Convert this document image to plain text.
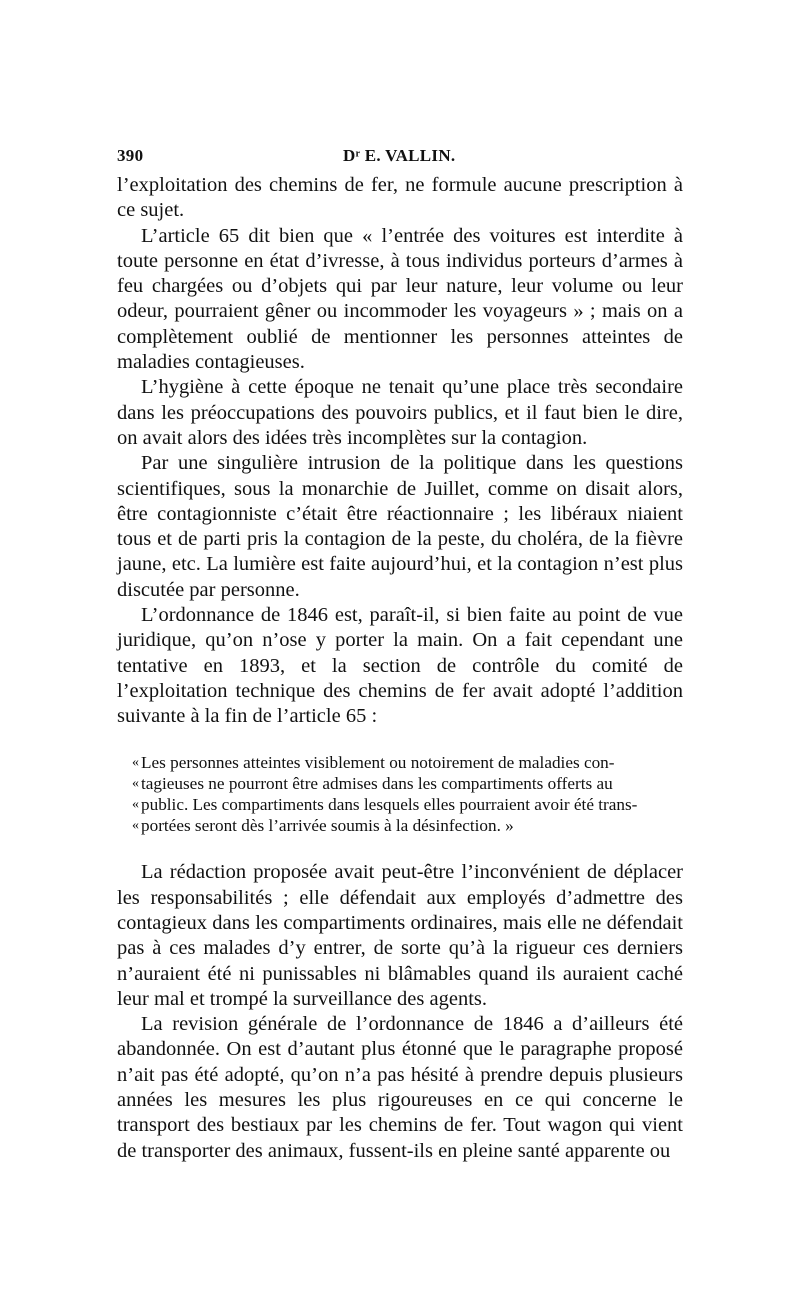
390	Dʳ E. VALLIN.

l’exploitation des chemins de fer, ne formule aucune prescription à ce sujet.

L’article 65 dit bien que « l’entrée des voitures est interdite à toute personne en état d’ivresse, à tous individus porteurs d’armes à feu chargées ou d’objets qui par leur nature, leur volume ou leur odeur, pourraient gêner ou incommoder les voyageurs » ; mais on a complètement oublié de mentionner les personnes atteintes de maladies contagieuses.

L’hygiène à cette époque ne tenait qu’une place très secondaire dans les préoccupations des pouvoirs publics, et il faut bien le dire, on avait alors des idées très incomplètes sur la contagion.

Par une singulière intrusion de la politique dans les questions scientifiques, sous la monarchie de Juillet, comme on disait alors, être contagionniste c’était être réactionnaire ; les libéraux niaient tous et de parti pris la contagion de la peste, du choléra, de la fièvre jaune, etc. La lumière est faite aujourd’hui, et la contagion n’est plus discutée par personne.

L’ordonnance de 1846 est, paraît-il, si bien faite au point de vue juridique, qu’on n’ose y porter la main. On a fait cependant une tentative en 1893, et la section de contrôle du comité de l’exploitation technique des chemins de fer avait adopté l’addition suivante à la fin de l’article 65 :

« Les personnes atteintes visiblement ou notoirement de maladies con-
« tagieuses ne pourront être admises dans les compartiments offerts au
« public. Les compartiments dans lesquels elles pourraient avoir été trans-
« portées seront dès l’arrivée soumis à la désinfection. »

La rédaction proposée avait peut-être l’inconvénient de déplacer les responsabilités ; elle défendait aux employés d’admettre des contagieux dans les compartiments ordinaires, mais elle ne défendait pas à ces malades d’y entrer, de sorte qu’à la rigueur ces derniers n’auraient été ni punissables ni blâmables quand ils auraient caché leur mal et trompé la surveillance des agents.

La revision générale de l’ordonnance de 1846 a d’ailleurs été abandonnée. On est d’autant plus étonné que le paragraphe proposé n’ait pas été adopté, qu’on n’a pas hésité à prendre depuis plusieurs années les mesures les plus rigoureuses en ce qui concerne le transport des bestiaux par les chemins de fer. Tout wagon qui vient de transporter des animaux, fussent-ils en pleine santé apparente ou
